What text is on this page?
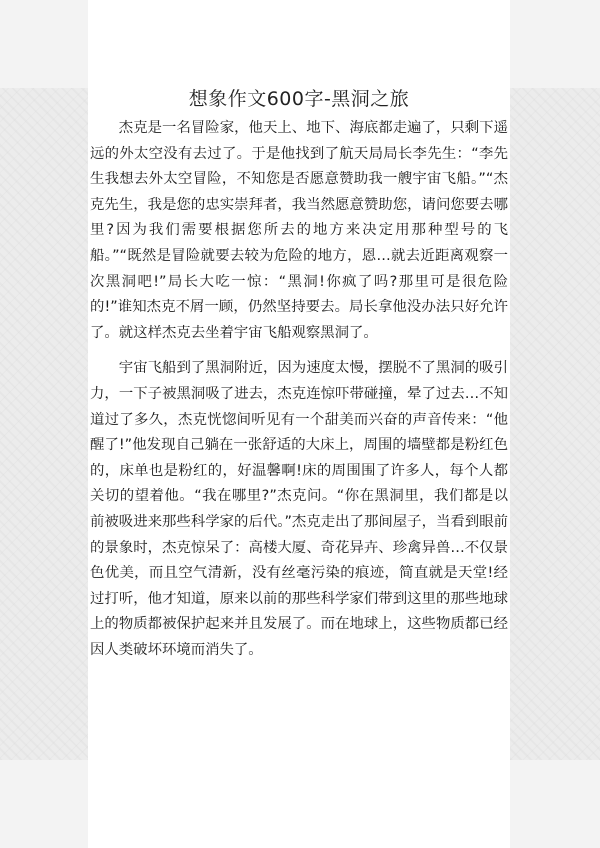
想象作文600字-黑洞之旅

杰克是一名冒险家，他天上、地下、海底都走遍了，只剩下遥远的外太空没有去过了。于是他找到了航天局局长李先生：“李先生我想去外太空冒险，不知您是否愿意赞助我一艘宇宙飞船。”“杰克先生，我是您的忠实崇拜者，我当然愿意赞助您，请问您要去哪里?因为我们需要根据您所去的地方来决定用那种型号的飞船。”“既然是冒险就要去较为危险的地方，恩…就去近距离观察一次黑洞吧!”局长大吃一惊：“黑洞!你疯了吗?那里可是很危险的!”谁知杰克不屑一顾，仍然坚持要去。局长拿他没办法只好允许了。就这样杰克去坐着宇宙飞船观察黑洞了。

宇宙飞船到了黑洞附近，因为速度太慢，摆脱不了黑洞的吸引力，一下子被黑洞吸了进去，杰克连惊吓带碰撞，晕了过去…不知道过了多久，杰克恍惚间听见有一个甜美而兴奋的声音传来：“他醒了!”他发现自己躺在一张舒适的大床上，周围的墙壁都是粉红色的，床单也是粉红的，好温馨啊!床的周围围了许多人，每个人都关切的望着他。“我在哪里?”杰克问。“你在黑洞里，我们都是以前被吸进来那些科学家的后代。”杰克走出了那间屋子，当看到眼前的景象时，杰克惊呆了：高楼大厦、奇花异卉、珍禽异兽…不仅景色优美，而且空气清新，没有丝毫污染的痕迹，简直就是天堂!经过打听，他才知道，原来以前的那些科学家们带到这里的那些地球上的物质都被保护起来并且发展了。而在地球上，这些物质都已经因人类破坏环境而消失了。
